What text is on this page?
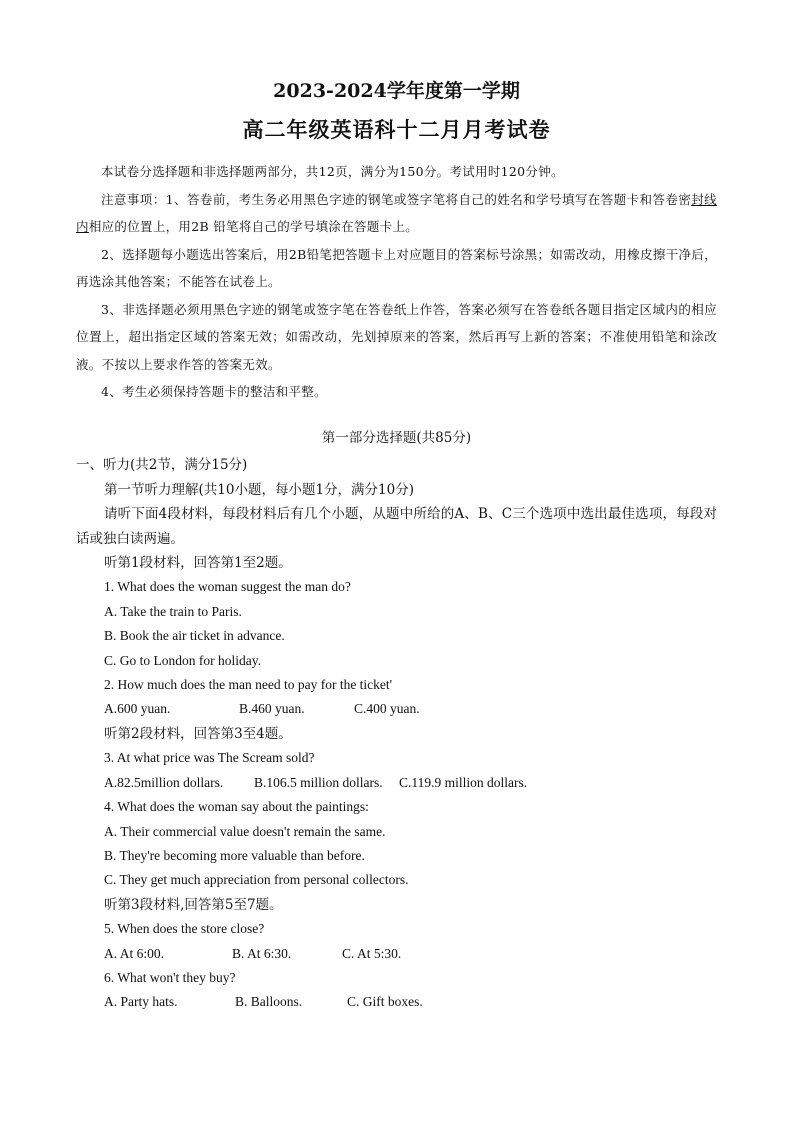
2023-2024学年度第一学期
高二年级英语科十二月月考试卷

本试卷分选择题和非选择题两部分，共12页，满分为150分。考试用时120分钟。

注意事项：1、答卷前，考生务必用黑色字迹的钢笔或签字笔将自己的姓名和学号填写在答题卡和答卷密封线内相应的位置上，用2B 铅笔将自己的学号填涂在答题卡上。

2、选择题每小题选出答案后，用2B铅笔把答题卡上对应题目的答案标号涂黑；如需改动，用橡皮擦干净后，再选涂其他答案；不能答在试卷上。

3、非选择题必须用黑色字迹的钢笔或签字笔在答卷纸上作答，答案必须写在答卷纸各题目指定区域内的相应位置上，超出指定区域的答案无效；如需改动，先划掉原来的答案，然后再写上新的答案；不准使用铅笔和涂改液。不按以上要求作答的答案无效。

4、考生必须保持答题卡的整洁和平整。

第一部分选择题(共85分)

一、听力(共2节，满分15分)

第一节听力理解(共10小题，每小题1分，满分10分)

请听下面4段材料，每段材料后有几个小题，从题中所给的A、B、C三个选项中选出最佳选项，每段对话或独白读两遍。

听第1段材料，回答第1至2题。

1. What does the woman suggest the man do?

A. Take the train to Paris.

B. Book the air ticket in advance.

C. Go to London for holiday.

2. How much does the man need to pay for the ticket'

A.600 yuan.	B.460 yuan.	C.400 yuan.

听第2段材料，回答第3至4题。

3. At what price was The Scream sold?

A.82.5million dollars. B.106.5 million dollars. C.119.9 million dollars.

4. What does the woman say about the paintings:

A. Their commercial value doesn't remain the same.

B. They're becoming more valuable than before.

C. They get much appreciation from personal collectors.

听第3段材料,回答第5至7题。

5. When does the store close?

A. At 6:00.	B. At 6:30.	C. At 5:30.

6. What won't they buy?

A. Party hats.	B. Balloons.	C. Gift boxes.
